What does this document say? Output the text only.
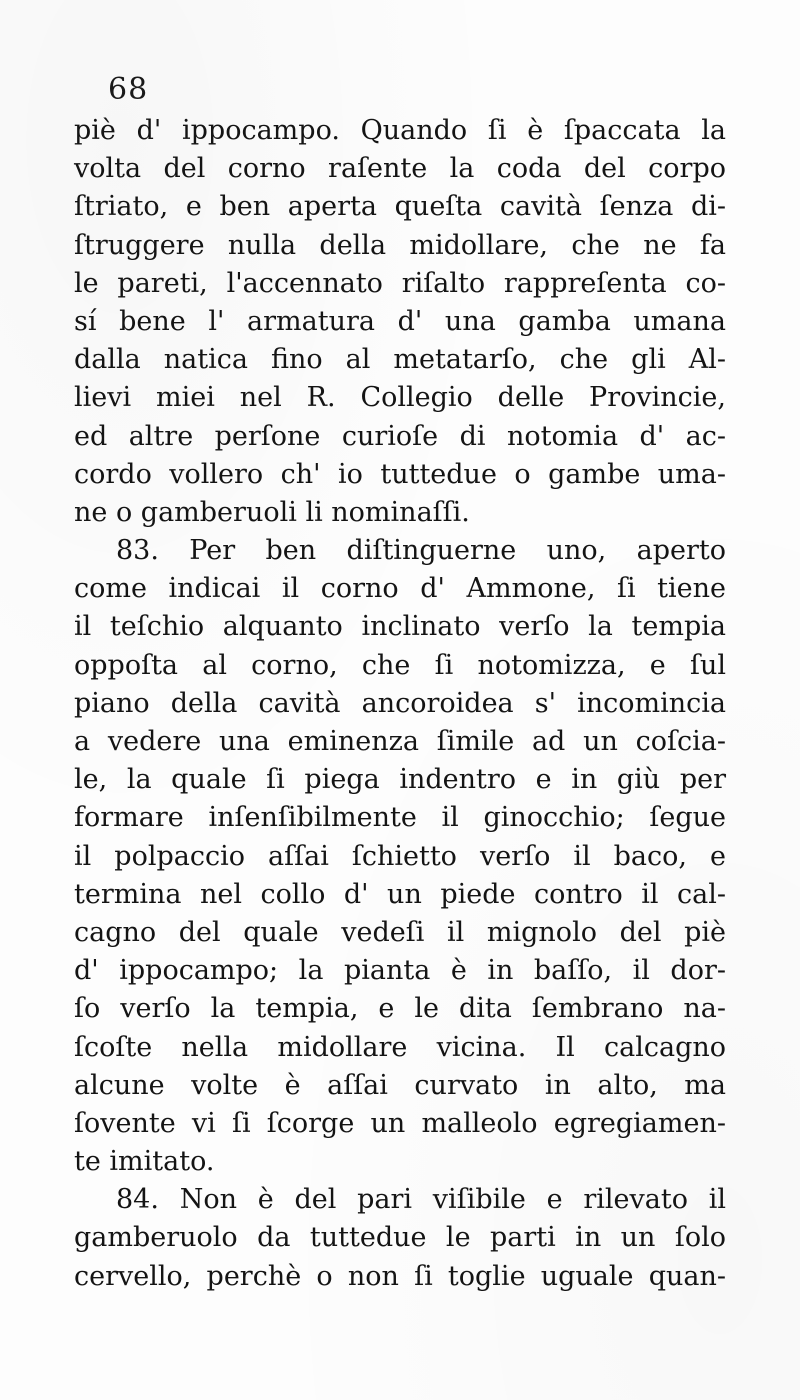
68
piè d' ippocampo. Quando ſi è ſpaccata la
volta del corno raſente la coda del corpo
ſtriato, e ben aperta queſta cavità ſenza di-
ſtruggere nulla della midollare, che ne fa
le pareti, l'accennato riſalto rappreſenta co-
sí bene l' armatura d' una gamba umana
dalla natica fino al metatarſo, che gli Al-
lievi miei nel R. Collegio delle Provincie,
ed altre perſone curioſe di notomia d' ac-
cordo vollero ch' io tuttedue o gambe uma-
ne o gamberuoli li nominaſſi.
83. Per ben diſtinguerne uno, aperto
come indicai il corno d' Ammone, ſi tiene
il teſchio alquanto inclinato verſo la tempia
oppoſta al corno, che ſi notomizza, e ſul
piano della cavità ancoroidea s' incomincia
a vedere una eminenza ſimile ad un coſcia-
le, la quale ſi piega indentro e in giù per
formare inſenſibilmente il ginocchio; ſegue
il polpaccio aſſai ſchietto verſo il baco, e
termina nel collo d' un piede contro il cal-
cagno del quale vedeſi il mignolo del piè
d' ippocampo; la pianta è in baſſo, il dor-
ſo verſo la tempia, e le dita ſembrano na-
ſcoſte nella midollare vicina. Il calcagno
alcune volte è aſſai curvato in alto, ma
ſovente vi ſi ſcorge un malleolo egregiamen-
te imitato.
84. Non è del pari viſibile e rilevato il
gamberuolo da tuttedue le parti in un ſolo
cervello, perchè o non ſi toglie uguale quan-
